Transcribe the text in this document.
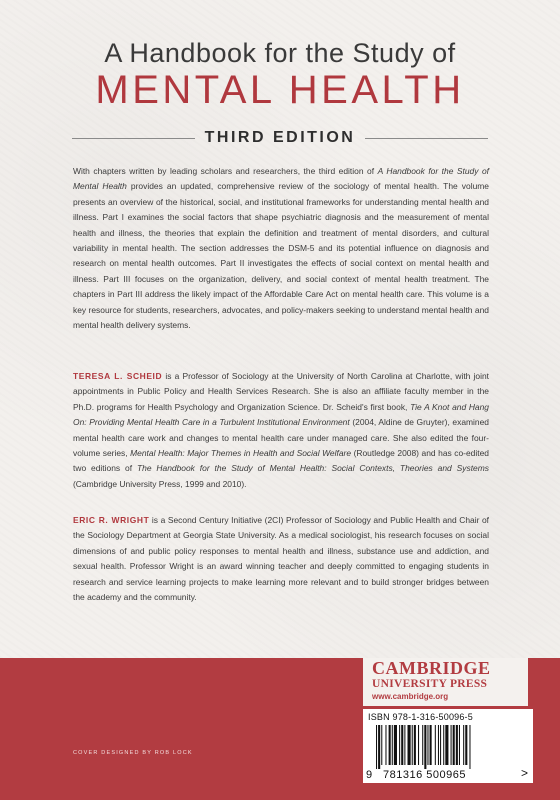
A Handbook for the Study of
MENTAL HEALTH
THIRD EDITION

With chapters written by leading scholars and researchers, the third edition of A Handbook for the Study of Mental Health provides an updated, comprehensive review of the sociology of mental health. The volume presents an overview of the historical, social, and institutional frameworks for understanding mental health and illness. Part I examines the social factors that shape psychiatric diagnosis and the measurement of mental health and illness, the theories that explain the definition and treatment of mental disorders, and cultural variability in mental health. The section addresses the DSM-5 and its potential influence on diagnosis and research on mental health outcomes. Part II investigates the effects of social context on mental health and illness. Part III focuses on the organization, delivery, and social context of mental health treatment. The chapters in Part III address the likely impact of the Affordable Care Act on mental health care. This volume is a key resource for students, researchers, advocates, and policy-makers seeking to understand mental health and mental health delivery systems.

TERESA L. SCHEID is a Professor of Sociology at the University of North Carolina at Charlotte, with joint appointments in Public Policy and Health Services Research. She is also an affiliate faculty member in the Ph.D. programs for Health Psychology and Organization Science. Dr. Scheid's first book, Tie A Knot and Hang On: Providing Mental Health Care in a Turbulent Institutional Environment (2004, Aldine de Gruyter), examined mental health care work and changes to mental health care under managed care. She also edited the four-volume series, Mental Health: Major Themes in Health and Social Welfare (Routledge 2008) and has co-edited two editions of The Handbook for the Study of Mental Health: Social Contexts, Theories and Systems (Cambridge University Press, 1999 and 2010).

ERIC R. WRIGHT is a Second Century Initiative (2CI) Professor of Sociology and Public Health and Chair of the Sociology Department at Georgia State University. As a medical sociologist, his research focuses on social dimensions of and public policy responses to mental health and illness, substance use and addiction, and sexual health. Professor Wright is an award winning teacher and deeply committed to engaging students in research and service learning projects to make learning more relevant and to build stronger bridges between the academy and the community.

COVER DESIGNED BY ROB LOCK
CAMBRIDGE
UNIVERSITY PRESS
www.cambridge.org
ISBN 978-1-316-50096-5
9 781316 500965	>
